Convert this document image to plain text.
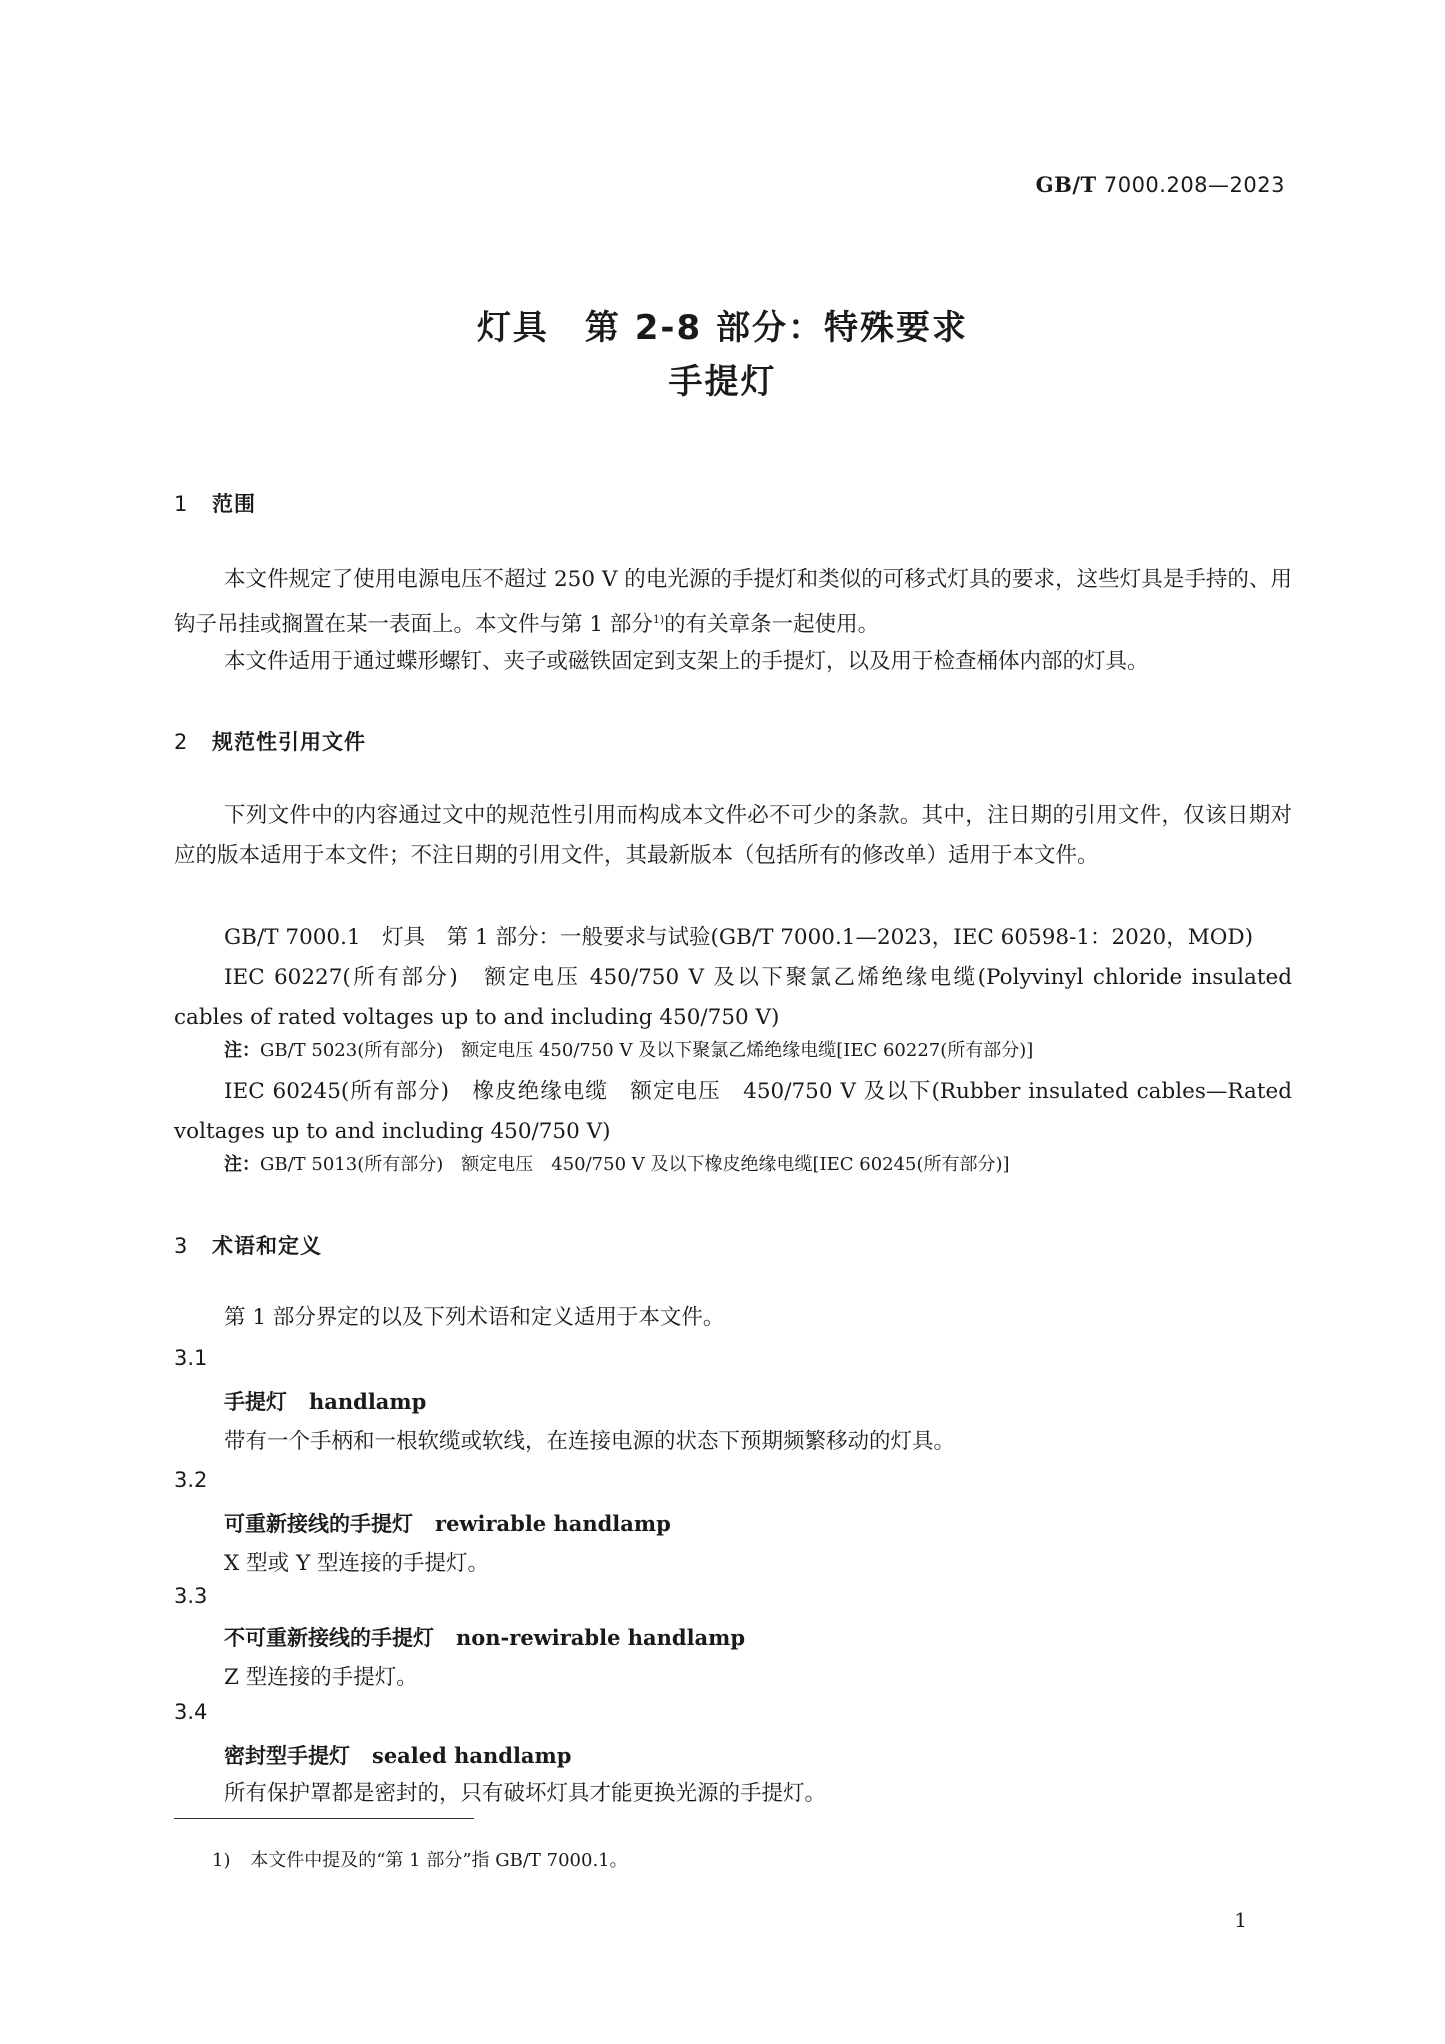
GB/T 7000.208—2023
灯具　第 2-8 部分：特殊要求
手提灯
1 范围

本文件规定了使用电源电压不超过 250 V 的电光源的手提灯和类似的可移式灯具的要求，这些灯具是手持的、用钩子吊挂或搁置在某一表面上。本文件与第 1 部分$^{1)}$的有关章条一起使用。

本文件适用于通过蝶形螺钉、夹子或磁铁固定到支架上的手提灯，以及用于检查桶体内部的灯具。

2 规范性引用文件

下列文件中的内容通过文中的规范性引用而构成本文件必不可少的条款。其中，注日期的引用文件，仅该日期对应的版本适用于本文件；不注日期的引用文件，其最新版本（包括所有的修改单）适用于本文件。

GB/T 7000.1　灯具　第 1 部分：一般要求与试验(GB/T 7000.1—2023，IEC 60598-1：2020，MOD)

IEC 60227(所有部分)　额定电压 450/750 V 及以下聚氯乙烯绝缘电缆(Polyvinyl chloride insulated cables of rated voltages up to and including 450/750 V)

注：GB/T 5023(所有部分)　额定电压 450/750 V 及以下聚氯乙烯绝缘电缆[IEC 60227(所有部分)]

IEC 60245(所有部分)　橡皮绝缘电缆　额定电压　450/750 V 及以下(Rubber insulated cables—Rated voltages up to and including 450/750 V)

注：GB/T 5013(所有部分)　额定电压　450/750 V 及以下橡皮绝缘电缆[IEC 60245(所有部分)]
3 术语和定义

第 1 部分界定的以及下列术语和定义适用于本文件。

3.1
手提灯 handlamp
带有一个手柄和一根软缆或软线，在连接电源的状态下预期频繁移动的灯具。
3.2
可重新接线的手提灯 rewirable handlamp
X 型或 Y 型连接的手提灯。
3.3
不可重新接线的手提灯 non-rewirable handlamp
Z 型连接的手提灯。
3.4
密封型手提灯 sealed handlamp
所有保护罩都是密封的，只有破坏灯具才能更换光源的手提灯。
1) 本文件中提及的“第 1 部分”指 GB/T 7000.1。
1
